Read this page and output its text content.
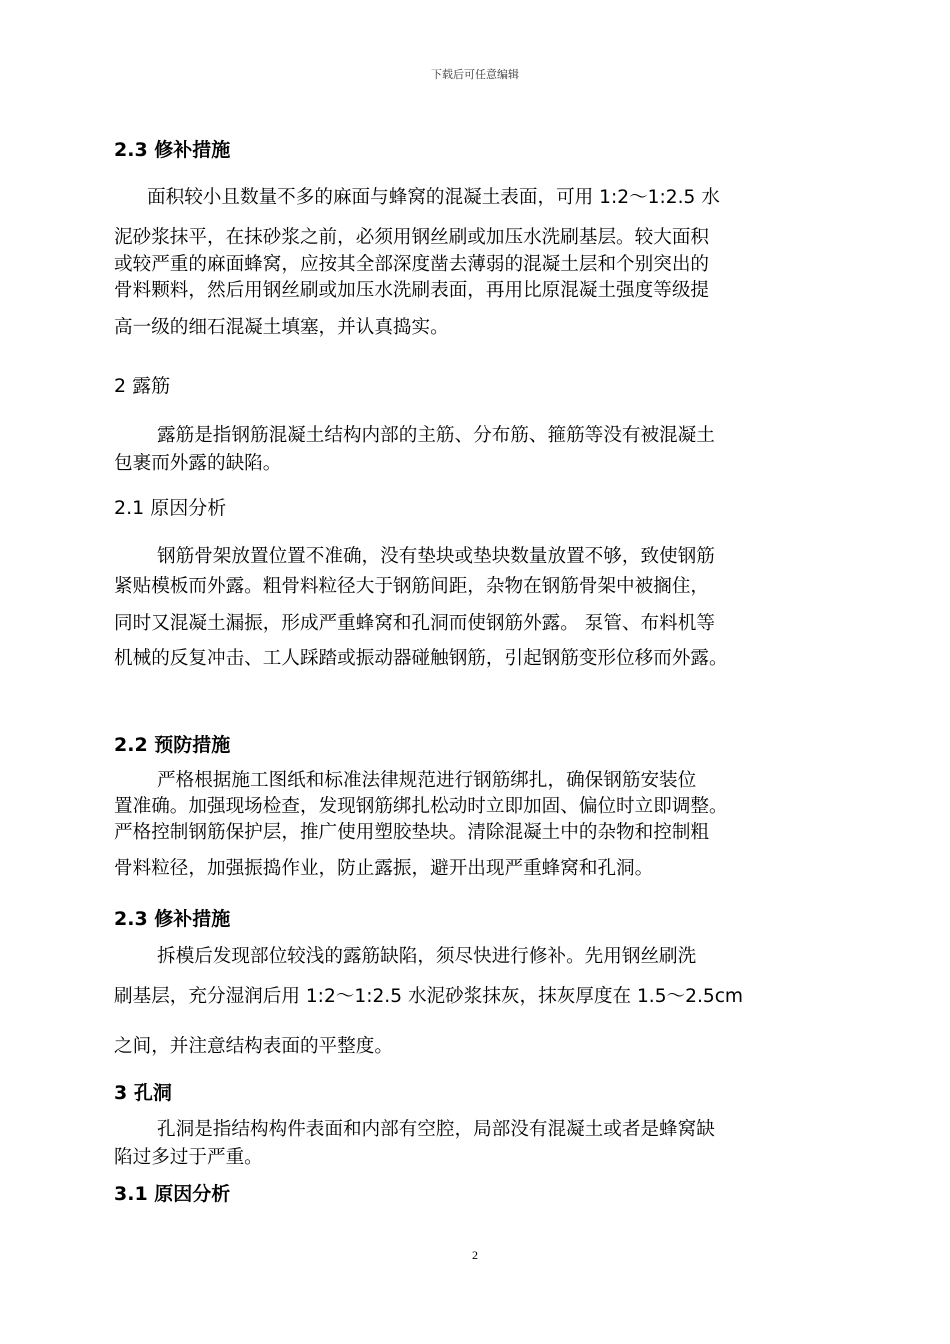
下载后可任意编辑
2.3 修补措施
面积较小且数量不多的麻面与蜂窝的混凝土表面，可用 1:2～1:2.5 水
泥砂浆抹平，在抹砂浆之前，必须用钢丝刷或加压水洗刷基层。较大面积
或较严重的麻面蜂窝，应按其全部深度凿去薄弱的混凝土层和个别突出的
骨料颗料，然后用钢丝刷或加压水洗刷表面，再用比原混凝土强度等级提
高一级的细石混凝土填塞，并认真捣实。
2 露筋
露筋是指钢筋混凝土结构内部的主筋、分布筋、箍筋等没有被混凝土
包裹而外露的缺陷。
2.1 原因分析
钢筋骨架放置位置不准确，没有垫块或垫块数量放置不够，致使钢筋
紧贴模板而外露。粗骨料粒径大于钢筋间距，杂物在钢筋骨架中被搁住，
同时又混凝土漏振，形成严重蜂窝和孔洞而使钢筋外露。 泵管、布料机等
机械的反复冲击、工人踩踏或振动器碰触钢筋，引起钢筋变形位移而外露。
2.2 预防措施
严格根据施工图纸和标准法律规范进行钢筋绑扎，确保钢筋安装位
置准确。加强现场检查，发现钢筋绑扎松动时立即加固、偏位时立即调整。
严格控制钢筋保护层，推广使用塑胶垫块。清除混凝土中的杂物和控制粗
骨料粒径，加强振捣作业，防止露振，避开出现严重蜂窝和孔洞。
2.3 修补措施
拆模后发现部位较浅的露筋缺陷，须尽快进行修补。先用钢丝刷洗
刷基层，充分湿润后用 1:2～1:2.5 水泥砂浆抹灰，抹灰厚度在 1.5～2.5cm
之间，并注意结构表面的平整度。
3 孔洞
孔洞是指结构构件表面和内部有空腔，局部没有混凝土或者是蜂窝缺
陷过多过于严重。
3.1 原因分析
2
